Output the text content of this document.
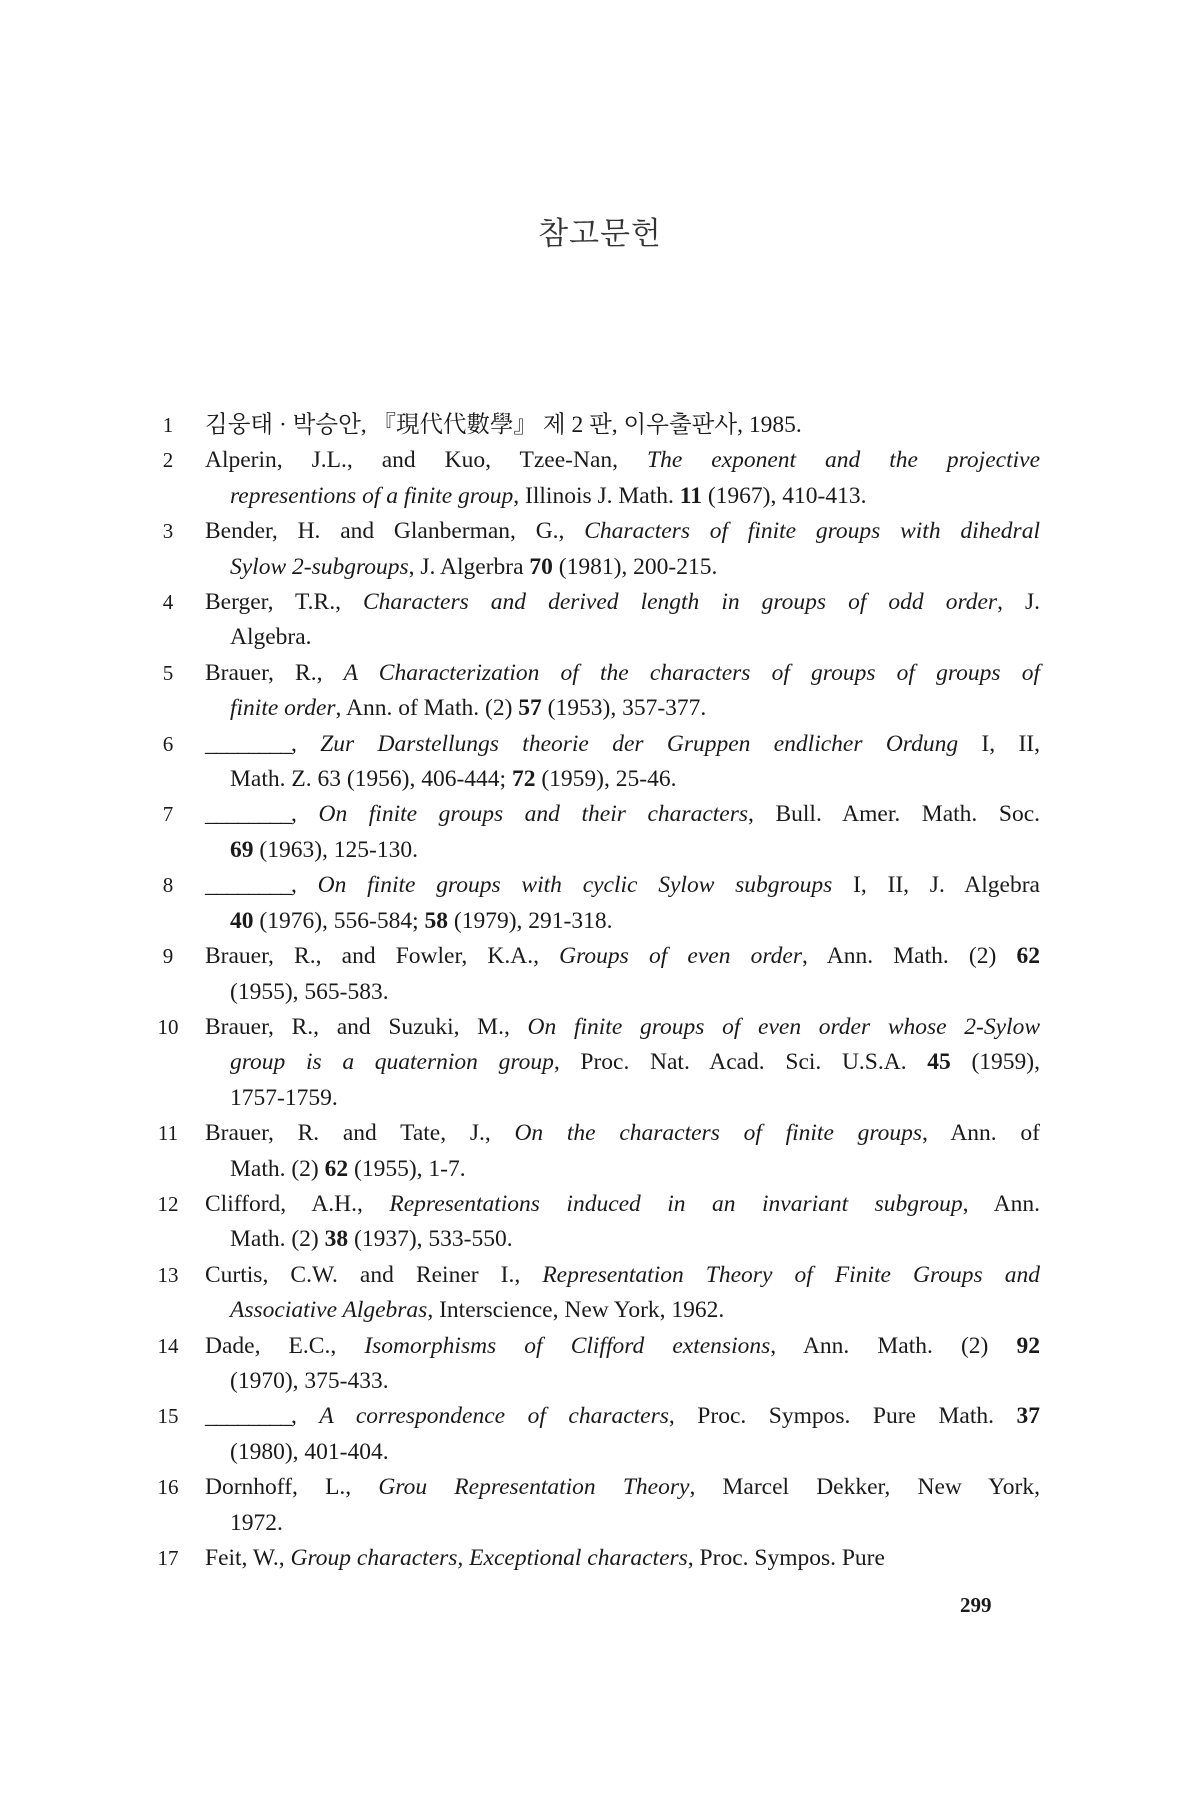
참고문헌
1	김웅태 · 박승안, 『現代代數學』 제 2 판, 이우출판사, 1985.
2	Alperin, J.L., and Kuo, Tzee-Nan, The exponent and the projective
representions of a finite group, Illinois J. Math. 11 (1967), 410-413.
3	Bender, H. and Glanberman, G., Characters of finite groups with dihedral
Sylow 2-subgroups, J. Algerbra 70 (1981), 200-215.
4	Berger, T.R., Characters and derived length in groups of odd order, J.
Algebra.
5	Brauer, R., A Characterization of the characters of groups of groups of
finite order, Ann. of Math. (2) 57 (1953), 357-377.
6	________, Zur Darstellungs theorie der Gruppen endlicher Ordung I, II,
Math. Z. 63 (1956), 406-444; 72 (1959), 25-46.
7	________, On finite groups and their characters, Bull. Amer. Math. Soc.
69 (1963), 125-130.
8	________, On finite groups with cyclic Sylow subgroups I, II, J. Algebra
40 (1976), 556-584; 58 (1979), 291-318.
9	Brauer, R., and Fowler, K.A., Groups of even order, Ann. Math. (2) 62
(1955), 565-583.
10	Brauer, R., and Suzuki, M., On finite groups of even order whose 2-Sylow
group is a quaternion group, Proc. Nat. Acad. Sci. U.S.A. 45 (1959),
1757-1759.
11	Brauer, R. and Tate, J., On the characters of finite groups, Ann. of
Math. (2) 62 (1955), 1-7.
12	Clifford, A.H., Representations induced in an invariant subgroup, Ann.
Math. (2) 38 (1937), 533-550.
13	Curtis, C.W. and Reiner I., Representation Theory of Finite Groups and
Associative Algebras, Interscience, New York, 1962.
14	Dade, E.C., Isomorphisms of Clifford extensions, Ann. Math. (2) 92
(1970), 375-433.
15	________, A correspondence of characters, Proc. Sympos. Pure Math. 37
(1980), 401-404.
16	Dornhoff, L., Grou Representation Theory, Marcel Dekker, New York,
1972.
17	Feit, W., Group characters, Exceptional characters, Proc. Sympos. Pure
299
